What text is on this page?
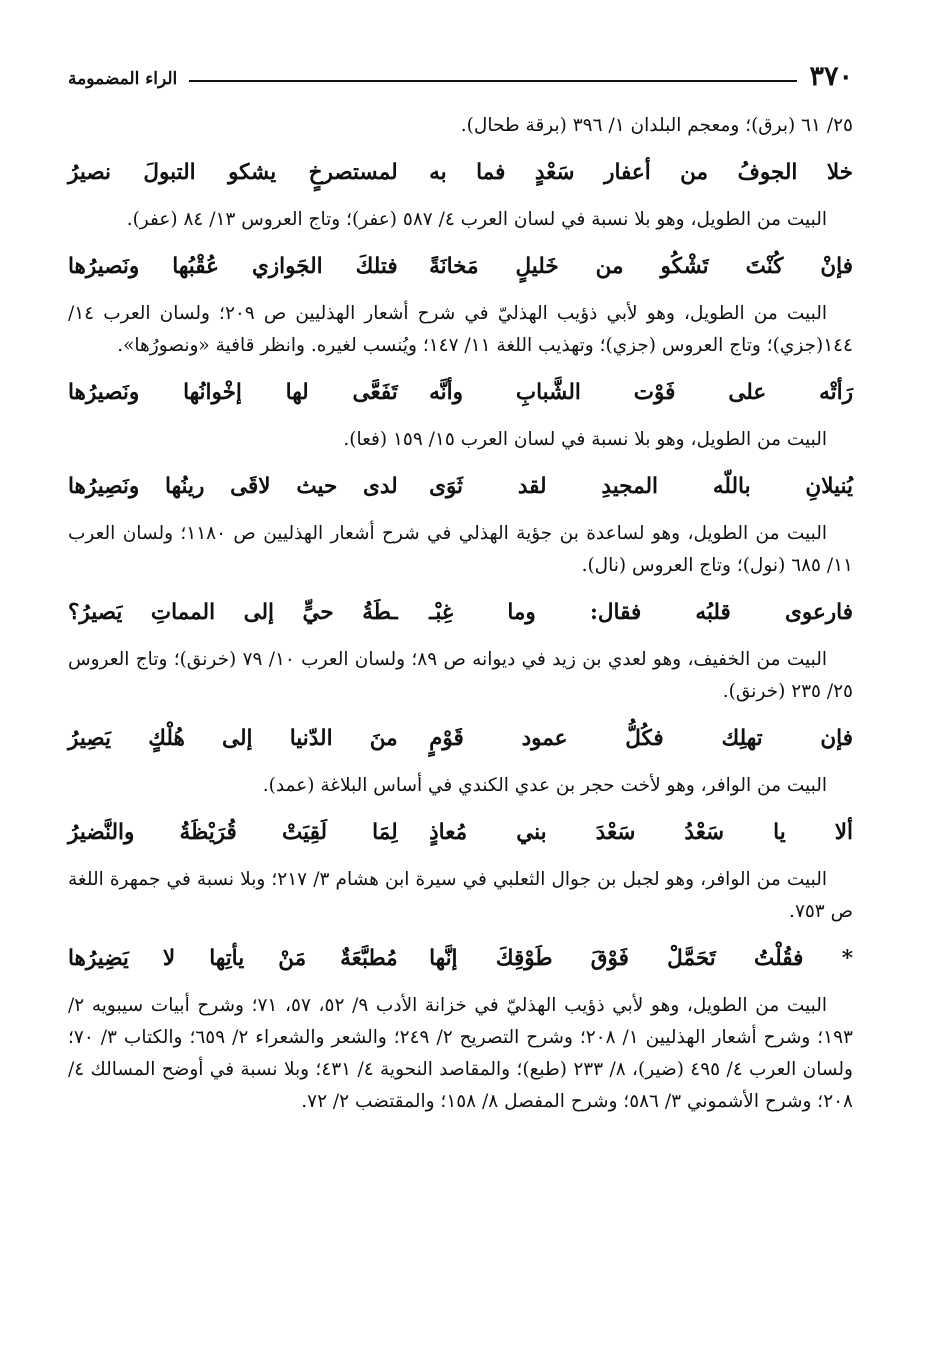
٣٧٠
الراء المضمومة

٢٥/ ٦١ (برق)؛ ومعجم البلدان ١/ ٣٩٦ (برقة طحال).

خلا الجوفُ من أعفار سَعْدٍ فما به
لمستصرخٍ يشكو التبولَ نصيرُ

البيت من الطويل، وهو بلا نسبة في لسان العرب ٤/ ٥٨٧ (عفر)؛ وتاج العروس ١٣/ ٨٤ (عفر).

فإنْ كُنْتَ تَشْكُو من خَليلٍ مَخانَةً
فتلكَ الجَوازي عُقْبُها ونَصيرُها

البيت من الطويل، وهو لأبي ذؤيب الهذليّ في شرح أشعار الهذليين ص ٢٠٩؛ ولسان العرب ١٤/ ١٤٤(جزي)؛ وتاج العروس (جزي)؛ وتهذيب اللغة ١١/ ١٤٧؛ ويُنسب لغيره. وانظر قافية «ونصورُها».

رَأتْه على فَوْت الشَّبابِ وأنَّه
تَفَعَّى لها إخْوانُها ونَصيرُها

البيت من الطويل، وهو بلا نسبة في لسان العرب ١٥/ ١٥٩ (فعا).

يُنيلانِ باللّه المجيدِ لقد ثَوَى
لدى حيث لاقَى رينُها ونَصِيرُها

البيت من الطويل، وهو لساعدة بن جؤية الهذلي في شرح أشعار الهذليين ص ١١٨٠؛ ولسان العرب ١١/ ٦٨٥ (نول)؛ وتاج العروس (نال).

فارعوى قلبُه فقال: وما غِبْـ
ـطَةُ حيٍّ إلى المماتِ يَصيرُ؟

البيت من الخفيف، وهو لعدي بن زيد في ديوانه ص ٨٩؛ ولسان العرب ١٠/ ٧٩ (خرنق)؛ وتاج العروس ٢٥/ ٢٣٥ (خرنق).

فإن تهلِك فكُلُّ عمود قَوْمٍ
منَ الدّنيا إلى هُلْكٍ يَصِيرُ

البيت من الوافر، وهو لأخت حجر بن عدي الكندي في أساس البلاغة (عمد).

ألا يا سَعْدُ سَعْدَ بني مُعاذٍ
لِمَا لَقِيَتْ قُرَيْظَةُ والنَّضيرُ

البيت من الوافر، وهو لجبل بن جوال الثعلبي في سيرة ابن هشام ٣/ ٢١٧؛ وبلا نسبة في جمهرة اللغة ص ٧٥٣.

* فقُلْتُ تَحَمَّلْ فَوْقَ طَوْقِكَ إنَّها
مُطبَّعَةٌ مَنْ يأتِها لا يَضِيرُها

البيت من الطويل، وهو لأبي ذؤيب الهذليّ في خزانة الأدب ٩/ ٥٢، ٥٧، ٧١؛ وشرح أبيات سيبويه ٢/ ١٩٣؛ وشرح أشعار الهذليين ١/ ٢٠٨؛ وشرح التصريح ٢/ ٢٤٩؛ والشعر والشعراء ٢/ ٦٥٩؛ والكتاب ٣/ ٧٠؛ ولسان العرب ٤/ ٤٩٥ (ضير)، ٨/ ٢٣٣ (طبع)؛ والمقاصد النحوية ٤/ ٤٣١؛ وبلا نسبة في أوضح المسالك ٤/ ٢٠٨؛ وشرح الأشموني ٣/ ٥٨٦؛ وشرح المفصل ٨/ ١٥٨؛ والمقتضب ٢/ ٧٢.
